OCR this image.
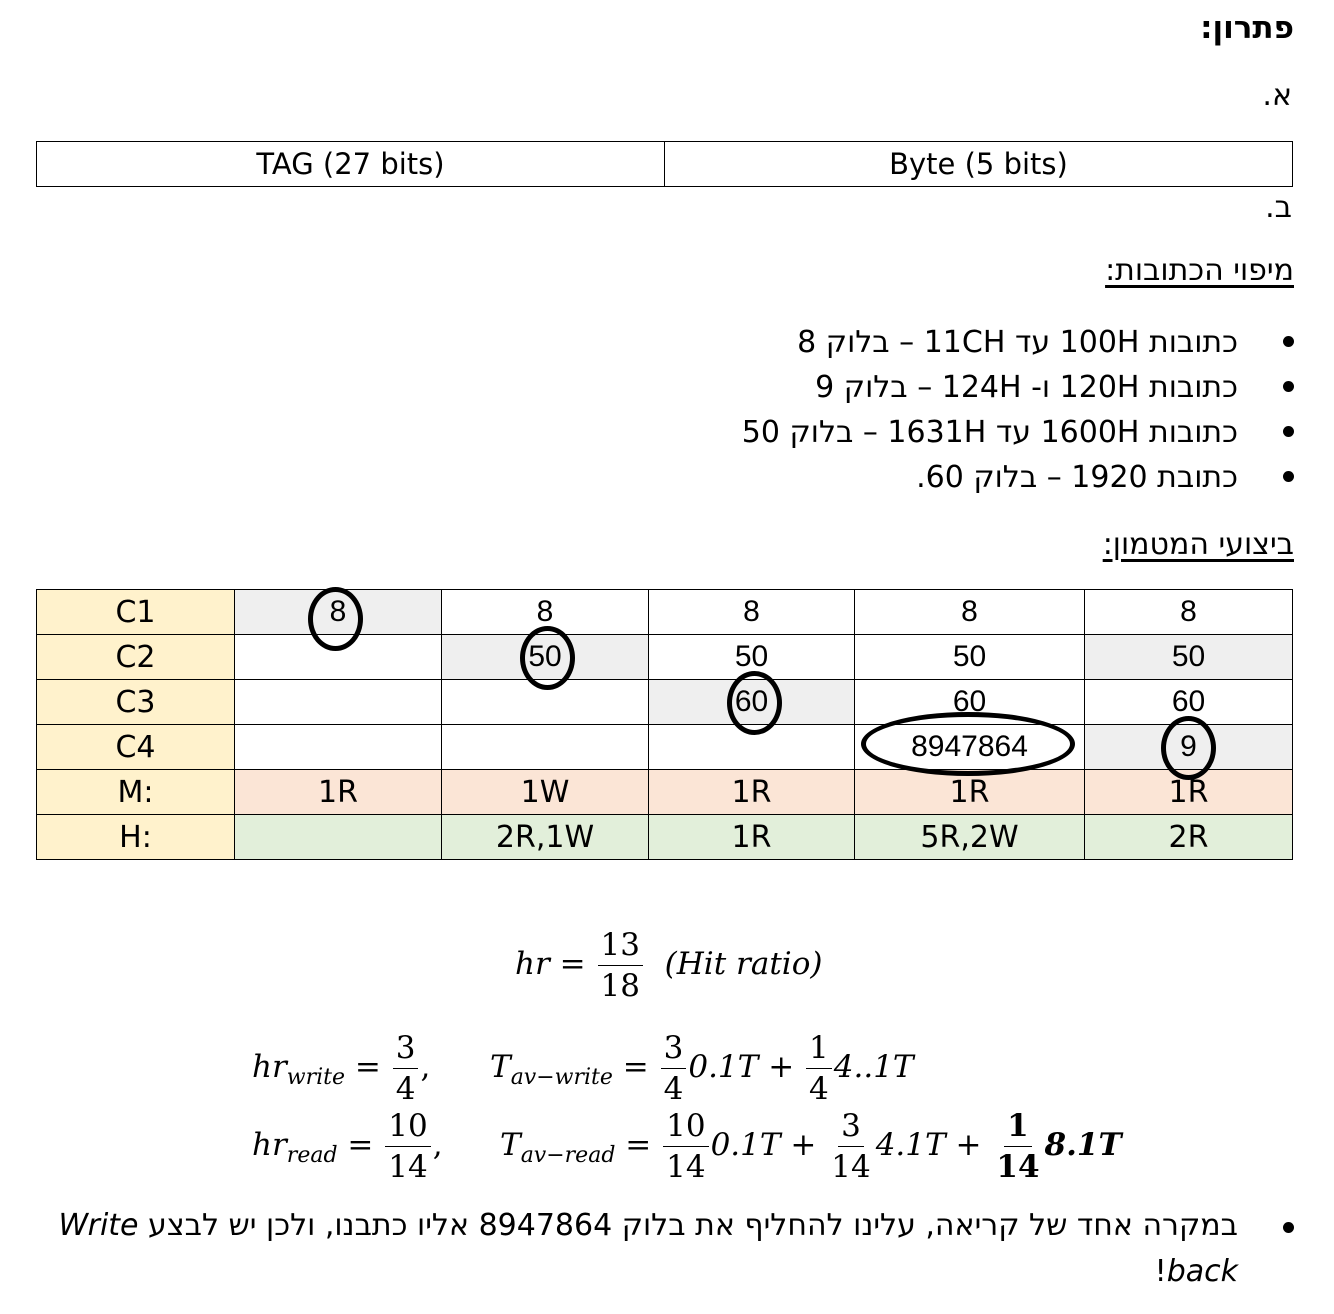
פתרון:
א.
TAG (27 bits)	Byte (5 bits)
ב.
מיפוי הכתובות:
כתובות 100H עד 11CH – בלוק 8
כתובות 120H ו- 124H – בלוק 9
כתובות 1600H עד 1631H – בלוק 50
כתובת 1920 – בלוק 60.
ביצועי המטמון:
C1	8	8	8	8	8
C2		50	50	50	50
C3			60	60	60
C4				8947864	9

M:	1R	1W	1R	1R	1R
H:		2R,1W	1R	5R,2W	2R
hr = $\frac{13}{18} (Hit$ ratio)
$hr_{write} = \frac{3}{4}$ , $T_{av-write} = \frac{3}{4} 0.1T + \frac{1}{4} 4..1T$
$hr_{read} = \frac{10}{14}$ , $T_{av-read} = \frac{10}{14} 0.1T + \frac{3}{14} 4.1T + \frac{1}{14} 8.1T$
במקרה אחד של קריאה, עלינו להחליף את בלוק 8947864 אליו כתבנו, ולכן יש לבצע Write back!
